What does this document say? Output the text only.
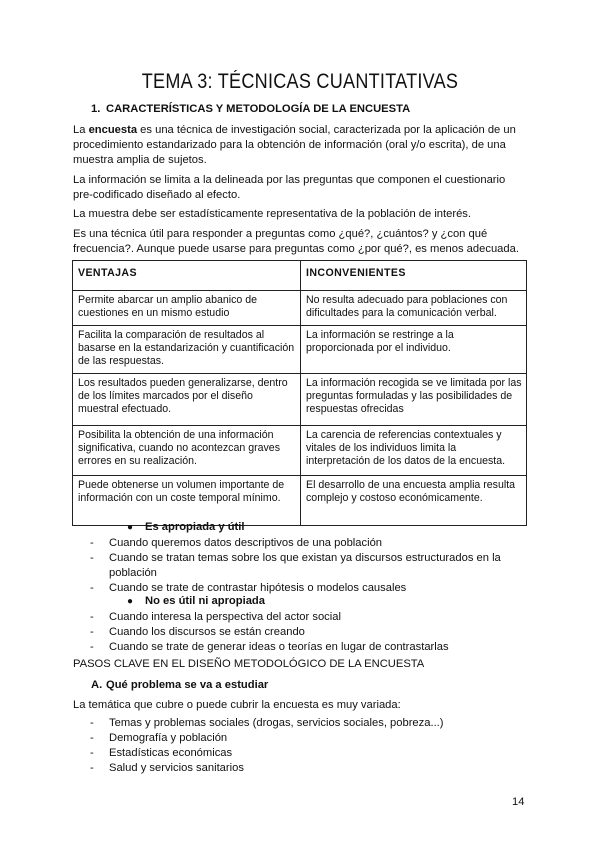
TEMA 3: TÉCNICAS CUANTITATIVAS
1. CARACTERÍSTICAS Y METODOLOGÍA DE LA ENCUESTA
La encuesta es una técnica de investigación social, caracterizada por la aplicación de un procedimiento estandarizado para la obtención de información (oral y/o escrita), de una muestra amplia de sujetos.
La información se limita a la delineada por las preguntas que componen el cuestionario pre-codificado diseñado al efecto.
La muestra debe ser estadísticamente representativa de la población de interés.
Es una técnica útil para responder a preguntas como ¿qué?, ¿cuántos? y ¿con qué frecuencia?. Aunque puede usarse para preguntas como ¿por qué?, es menos adecuada.
VENTAJAS	INCONVENIENTES
Permite abarcar un amplio abanico de cuestiones en un mismo estudio	No resulta adecuado para poblaciones con dificultades para la comunicación verbal.
Facilita la comparación de resultados al basarse en la estandarización y cuantificación de las respuestas.	La información se restringe a la proporcionada por el individuo.
Los resultados pueden generalizarse, dentro de los límites marcados por el diseño muestral efectuado.	La información recogida se ve limitada por las preguntas formuladas y las posibilidades de respuestas ofrecidas
Posibilita la obtención de una información significativa, cuando no acontezcan graves errores en su realización.	La carencia de referencias contextuales y vitales de los individuos limita la interpretación de los datos de la encuesta.
Puede obtenerse un volumen importante de información con un coste temporal mínimo.	El desarrollo de una encuesta amplia resulta complejo y costoso económicamente.
● Es apropiada y útil
-	Cuando queremos datos descriptivos de una población
-	Cuando se tratan temas sobre los que existan ya discursos estructurados en la población
-	Cuando se trate de contrastar hipótesis o modelos causales
● No es útil ni apropiada
-	Cuando interesa la perspectiva del actor social
-	Cuando los discursos se están creando
-	Cuando se trate de generar ideas o teorías en lugar de contrastarlas
PASOS CLAVE EN EL DISEÑO METODOLÓGICO DE LA ENCUESTA
A. Qué problema se va a estudiar
La temática que cubre o puede cubrir la encuesta es muy variada:
-	Temas y problemas sociales (drogas, servicios sociales, pobreza...)
-	Demografía y población
-	Estadísticas económicas
-	Salud y servicios sanitarios
14
